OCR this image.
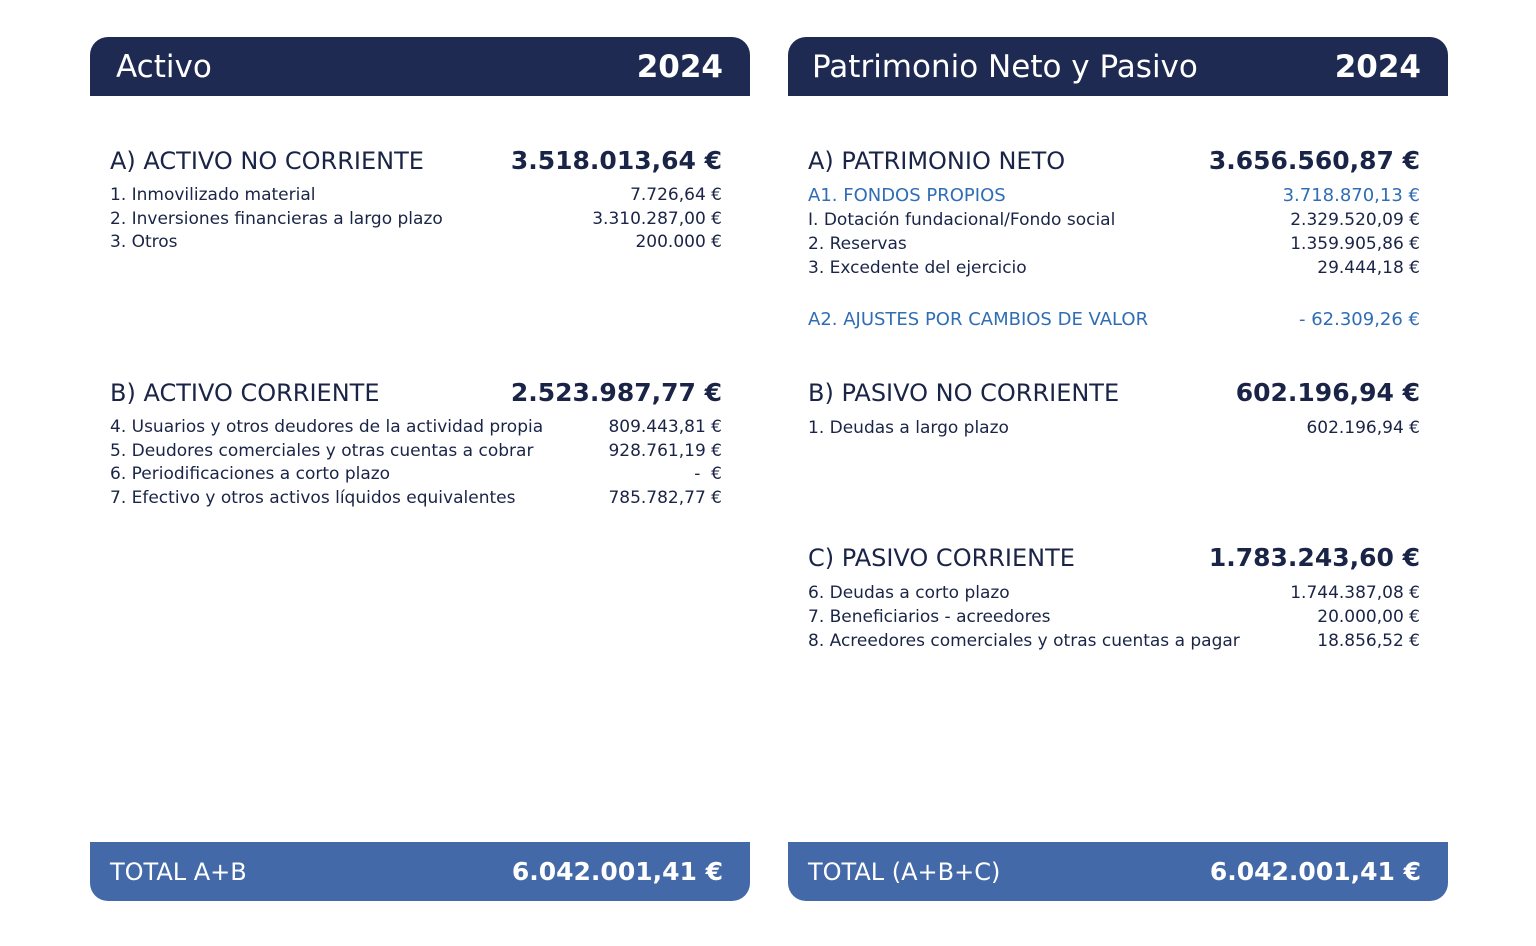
Activo	2024
A) ACTIVO NO CORRIENTE	3.518.013,64 €
1. Inmovilizado material	7.726,64 €
2. Inversiones financieras a largo plazo	3.310.287,00 €
3. Otros	200.000 €
B) ACTIVO CORRIENTE	2.523.987,77 €
4. Usuarios y otros deudores de la actividad propia	809.443,81 €
5. Deudores comerciales y otras cuentas a cobrar	928.761,19 €
6. Periodificaciones a corto plazo	-  €
7. Efectivo y otros activos líquidos equivalentes	785.782,77 €
TOTAL A+B	6.042.001,41 €
Patrimonio Neto y Pasivo	2024
A) PATRIMONIO NETO	3.656.560,87 €
A1. FONDOS PROPIOS	3.718.870,13 €
I. Dotación fundacional/Fondo social	2.329.520,09 €
2. Reservas	1.359.905,86 €
3. Excedente del ejercicio	29.444,18 €
A2. AJUSTES POR CAMBIOS DE VALOR	- 62.309,26 €
B) PASIVO NO CORRIENTE	602.196,94 €
1. Deudas a largo plazo	602.196,94 €
C) PASIVO CORRIENTE	1.783.243,60 €
6. Deudas a corto plazo	1.744.387,08 €
7. Beneficiarios - acreedores	20.000,00 €
8. Acreedores comerciales y otras cuentas a pagar	18.856,52 €
TOTAL (A+B+C)	6.042.001,41 €
